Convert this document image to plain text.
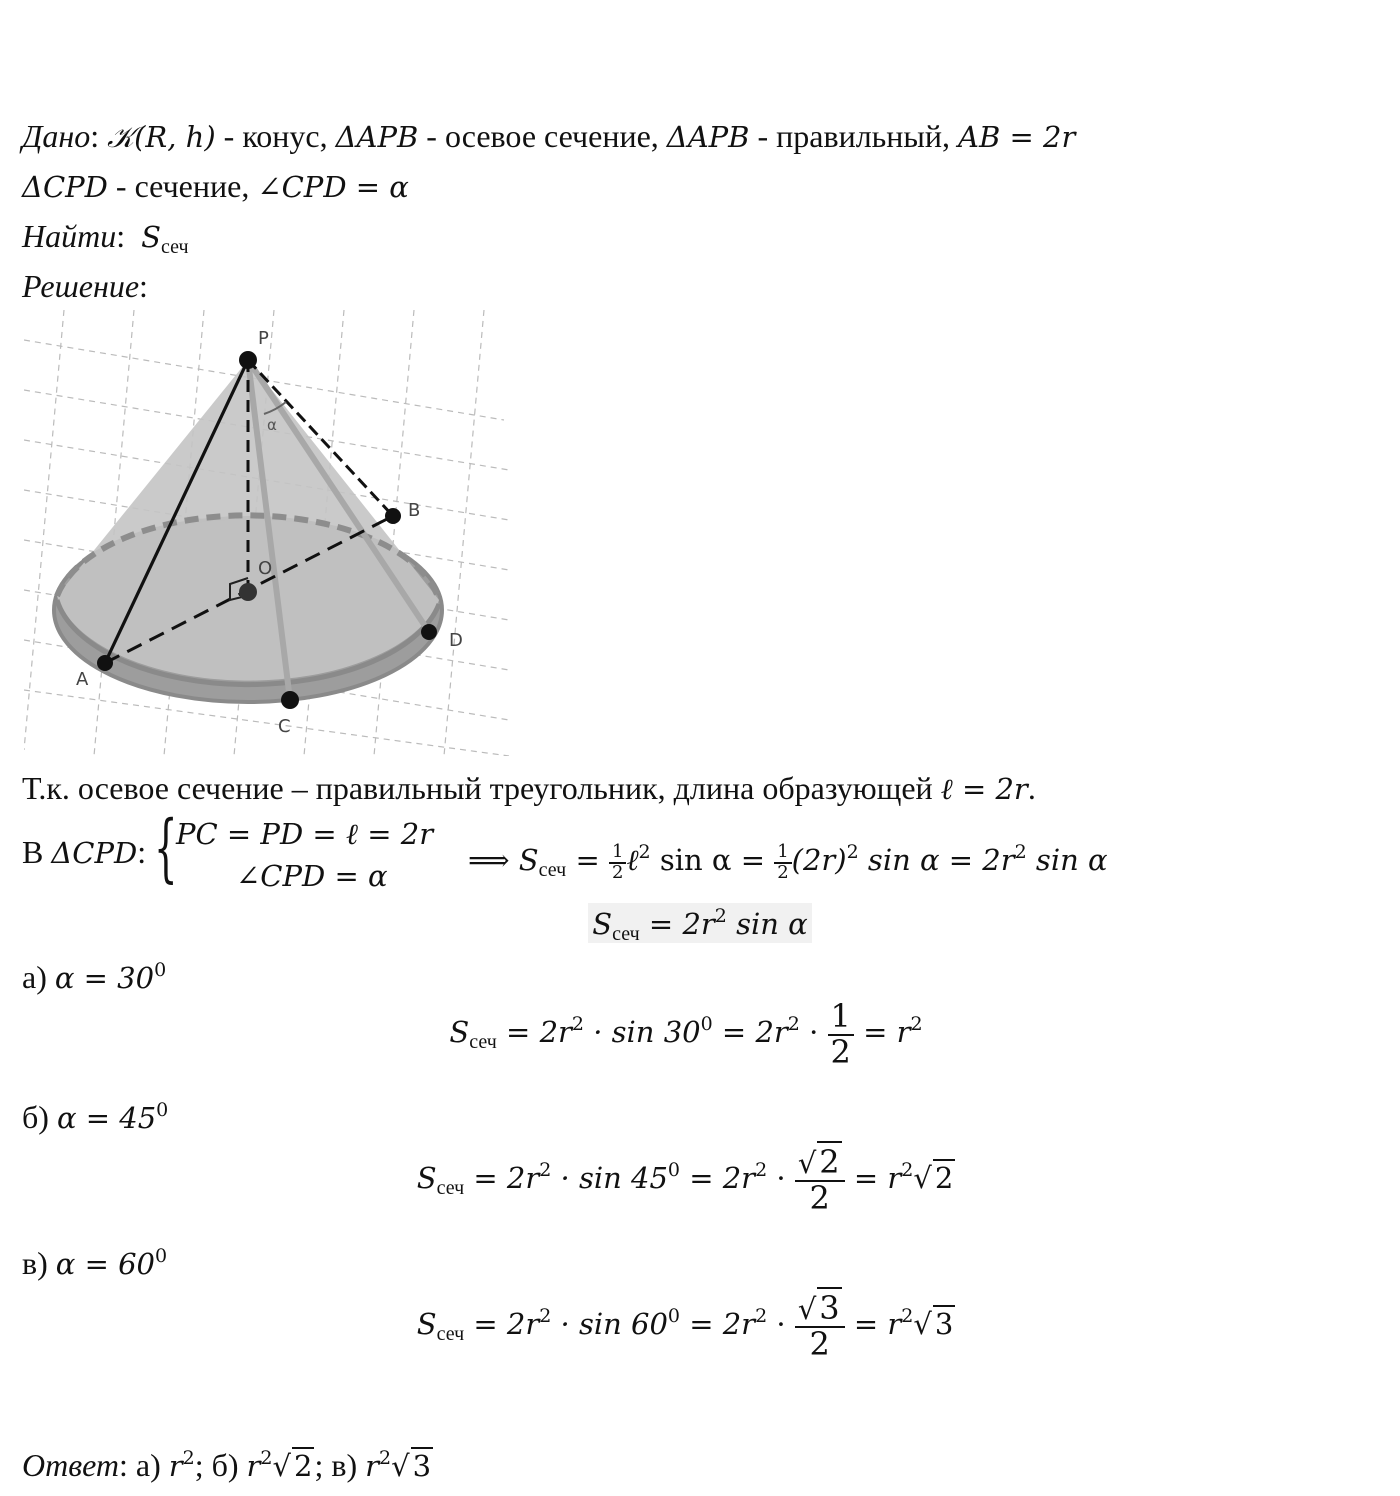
Дано: 𝒦(R, h) - конус, ΔAPB - осевое сечение, ΔAPB - правильный, AB = 2r
ΔCPD - сечение, ∠CPD = α
Найти: $S_{сеч}$
Решение:
α
P
B
O
D
A
C
Т.к. осевое сечение – правильный треугольник, длина образующей ℓ = 2r.
В ΔCPD: {
PC = PD = ℓ = 2r
∠CPD = α	⟹ $S_{сеч} = \frac{1}{2}$ ℓ$^2$ $\sin \alpha = \frac{1}{2} (2r)^2$ $\sin \alpha = 2r^2$ sin α
$S_{сеч} = 2r^2$ sin α
а) $\alpha = 30^0$
$S_{сеч} = 2r^2 \cdot \sin 30^0 = 2r^2 \cdot \frac{1}{2} = r^2$
б) $\alpha = 45^0$
$S_{сеч} = 2r^2 \cdot \sin 45^0 = 2r^2 \cdot \frac{√2}{2} = r^2√$ 2
в) $\alpha = 60^0$
$S_{сеч} = 2r^2 \cdot \sin 60^0 = 2r^2 \cdot \frac{√3}{2} = r^2√$ 3
Ответ: а) $r^2$; б) $r^2√$ 2; в) $r^2√$ 3
